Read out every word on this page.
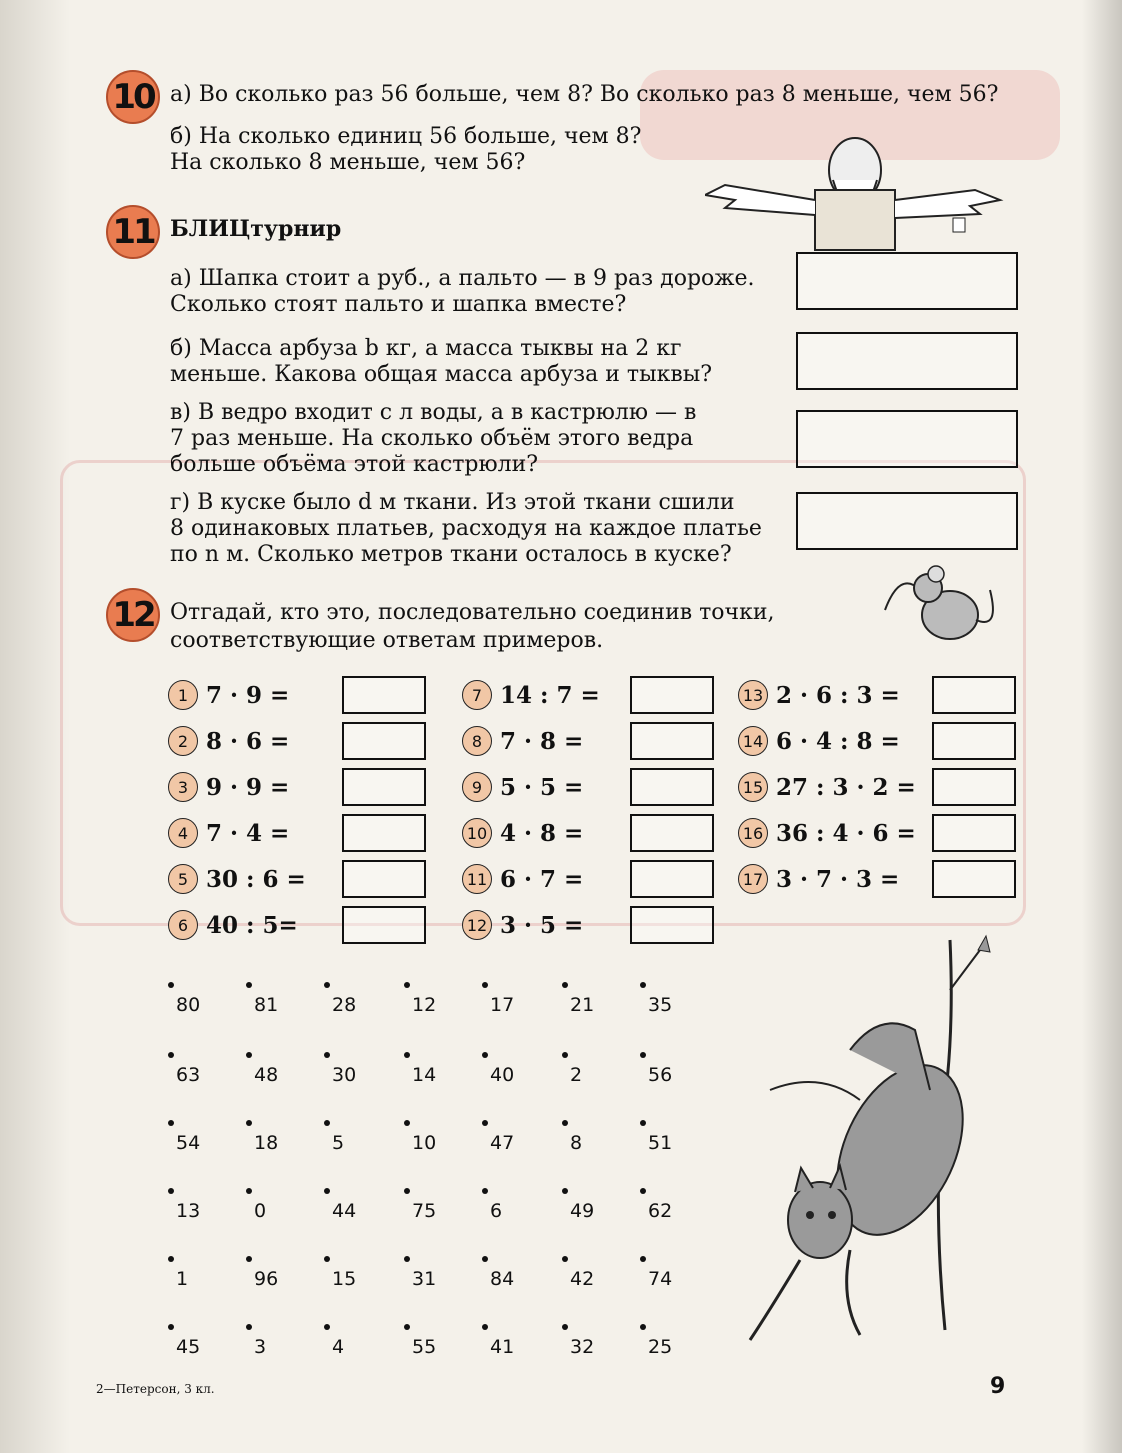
10 а) Во сколько раз 56 больше, чем 8? Во сколько раз 8 меньше, чем 56?
б) На сколько единиц 56 больше, чем 8?
На сколько 8 меньше, чем 56?
11 БЛИЦтурнир
а) Шапка стоит a руб., а пальто — в 9 раз дороже.
Сколько стоят пальто и шапка вместе?
б) Масса арбуза b кг, а масса тыквы на 2 кг
меньше. Какова общая масса арбуза и тыквы?
в) В ведро входит c л воды, а в кастрюлю — в
7 раз меньше. На сколько объём этого ведра
больше объёма этой кастрюли?
г) В куске было d м ткани. Из этой ткани сшили
8 одинаковых платьев, расходуя на каждое платье
по n м. Сколько метров ткани осталось в куске?
12 Отгадай, кто это, последовательно соединив точки,
соответствующие ответам примеров.
1 7 · 9 =
2 8 · 6 =
3 9 · 9 =
4 7 · 4 =
5 30 : 6 =
6 40 : 5=
7 14 : 7 =
8 7 · 8 =
9 5 · 5 =
10 4 · 8 =
11 6 · 7 =
12 3 · 5 =
13 2 · 6 : 3 =
14 6 · 4 : 8 =
15 27 : 3 · 2 =
16 36 : 4 · 6 =
17 3 · 7 · 3 =
80	81	28	12	17	21	35
63	48	30	14	40	2	56
54	18	5	10	47	8	51
13	0	44	75	6	49	62
1	96	15	31	84	42	74
45	3	4	55	41	32	25
2—Петерсон, 3 кл.	9
